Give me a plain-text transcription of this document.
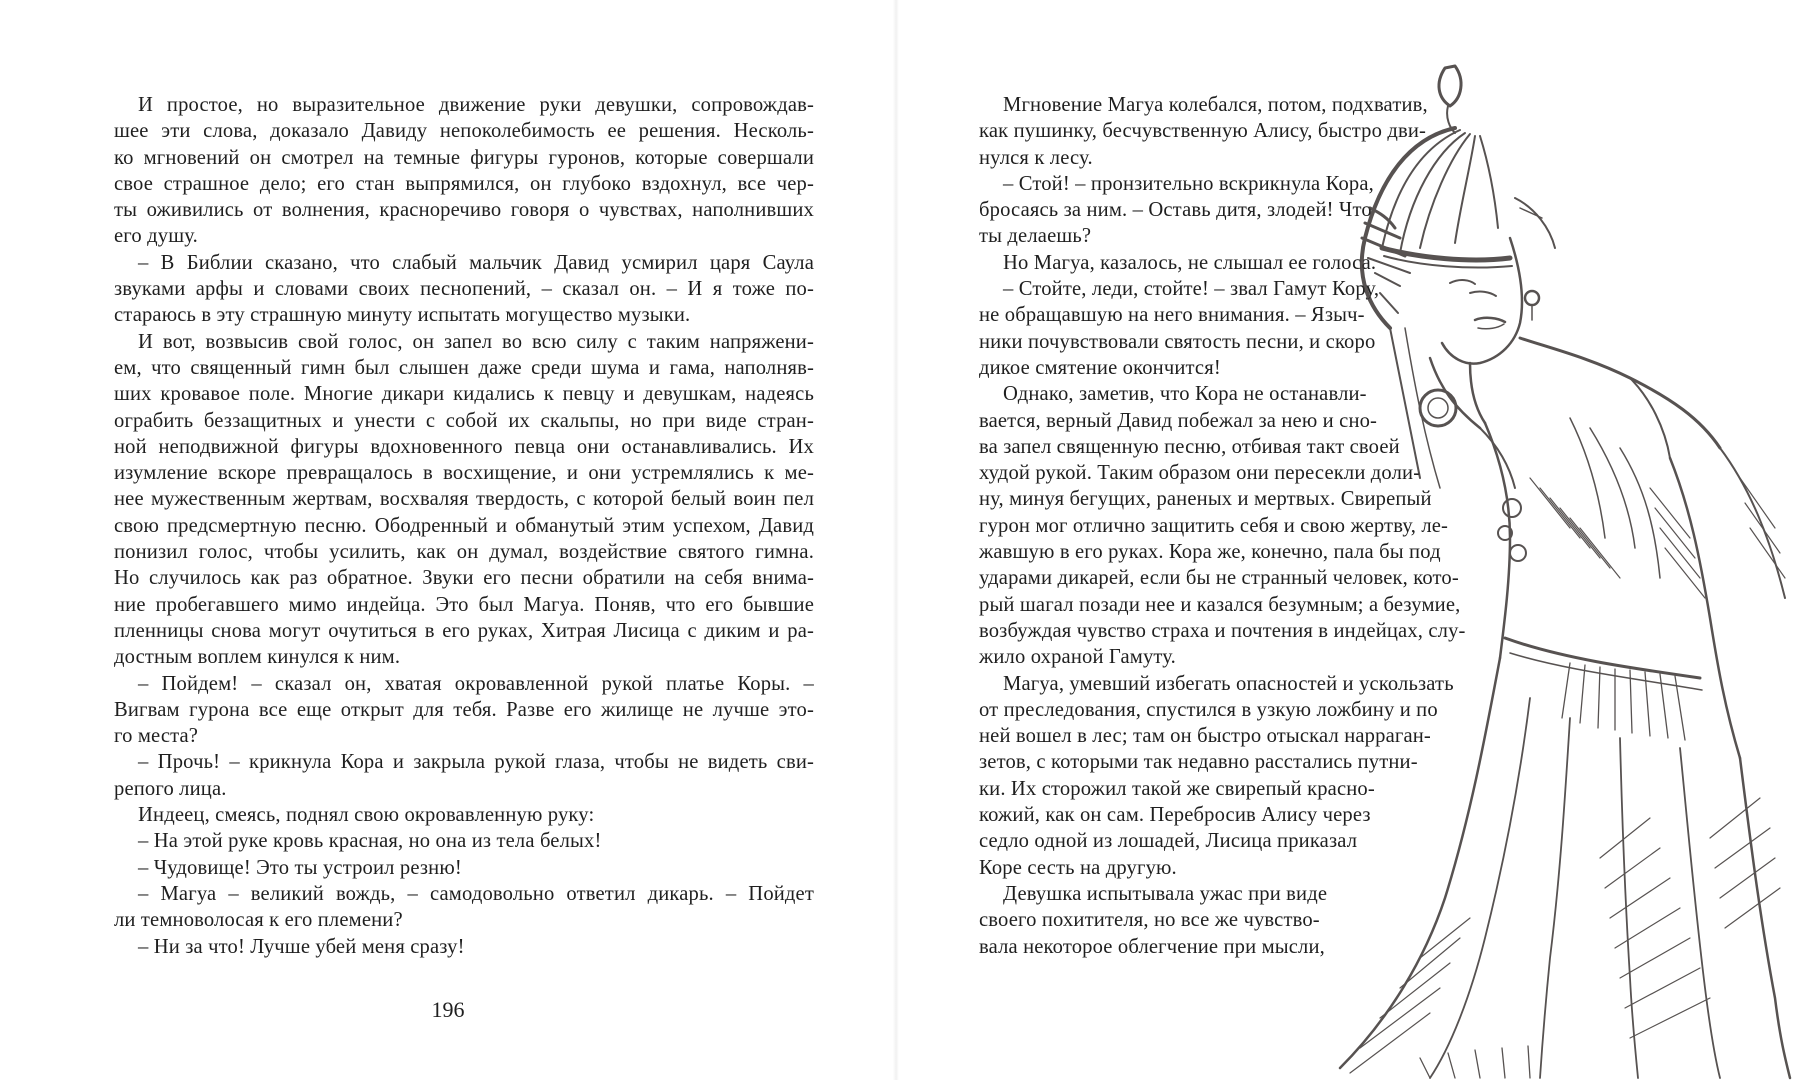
И простое, но выразительное движение руки девушки, сопровождав-
шее эти слова, доказало Давиду непоколебимость ее решения. Несколь-
ко мгновений он смотрел на темные фигуры гуронов, которые совершали
свое страшное дело; его стан выпрямился, он глубоко вздохнул, все чер-
ты оживились от волнения, красноречиво говоря о чувствах, наполнивших
его душу.
– В Библии сказано, что слабый мальчик Давид усмирил царя Саула
звуками арфы и словами своих песнопений, – сказал он. – И я тоже по-
стараюсь в эту страшную минуту испытать могущество музыки.
И вот, возвысив свой голос, он запел во всю силу с таким напряжени-
ем, что священный гимн был слышен даже среди шума и гама, наполняв-
ших кровавое поле. Многие дикари кидались к певцу и девушкам, надеясь
ограбить беззащитных и унести с собой их скальпы, но при виде стран-
ной неподвижной фигуры вдохновенного певца они останавливались. Их
изумление вскоре превращалось в восхищение, и они устремлялись к ме-
нее мужественным жертвам, восхваляя твердость, с которой белый воин пел
свою предсмертную песню. Ободренный и обманутый этим успехом, Давид
понизил голос, чтобы усилить, как он думал, воздействие святого гимна.
Но случилось как раз обратное. Звуки его песни обратили на себя внима-
ние пробегавшего мимо индейца. Это был Магуа. Поняв, что его бывшие
пленницы снова могут очутиться в его руках, Хитрая Лисица с диким и ра-
достным воплем кинулся к ним.
– Пойдем! – сказал он, хватая окровавленной рукой платье Коры. –
Вигвам гурона все еще открыт для тебя. Разве его жилище не лучше это-
го места?
– Прочь! – крикнула Кора и закрыла рукой глаза, чтобы не видеть сви-
репого лица.
Индеец, смеясь, поднял свою окровавленную руку:
– На этой руке кровь красная, но она из тела белых!
– Чудовище! Это ты устроил резню!
– Магуа – великий вождь, – самодовольно ответил дикарь. – Пойдет
ли темноволосая к его племени?
– Ни за что! Лучше убей меня сразу!
196
Мгновение Магуа колебался, потом, подхватив,
как пушинку, бесчувственную Алису, быстро дви-
нулся к лесу.
– Стой! – пронзительно вскрикнула Кора,
бросаясь за ним. – Оставь дитя, злодей! Что
ты делаешь?
Но Магуа, казалось, не слышал ее голоса.
– Стойте, леди, стойте! – звал Гамут Кору,
не обращавшую на него внимания. – Языч-
ники почувствовали святость песни, и скоро
дикое смятение окончится!
Однако, заметив, что Кора не останавли-
вается, верный Давид побежал за нею и сно-
ва запел священную песню, отбивая такт своей
худой рукой. Таким образом они пересекли доли-
ну, минуя бегущих, раненых и мертвых. Свирепый
гурон мог отлично защитить себя и свою жертву, ле-
жавшую в его руках. Кора же, конечно, пала бы под
ударами дикарей, если бы не странный человек, кото-
рый шагал позади нее и казался безумным; а безумие,
возбуждая чувство страха и почтения в индейцах, слу-
жило охраной Гамуту.
Магуа, умевший избегать опасностей и ускользать
от преследования, спустился в узкую ложбину и по
ней вошел в лес; там он быстро отыскал нарраган-
зетов, с которыми так недавно расстались путни-
ки. Их сторожил такой же свирепый красно-
кожий, как он сам. Перебросив Алису через
седло одной из лошадей, Лисица приказал
Коре сесть на другую.
Девушка испытывала ужас при виде
своего похитителя, но все же чувство-
вала некоторое облегчение при мысли,
